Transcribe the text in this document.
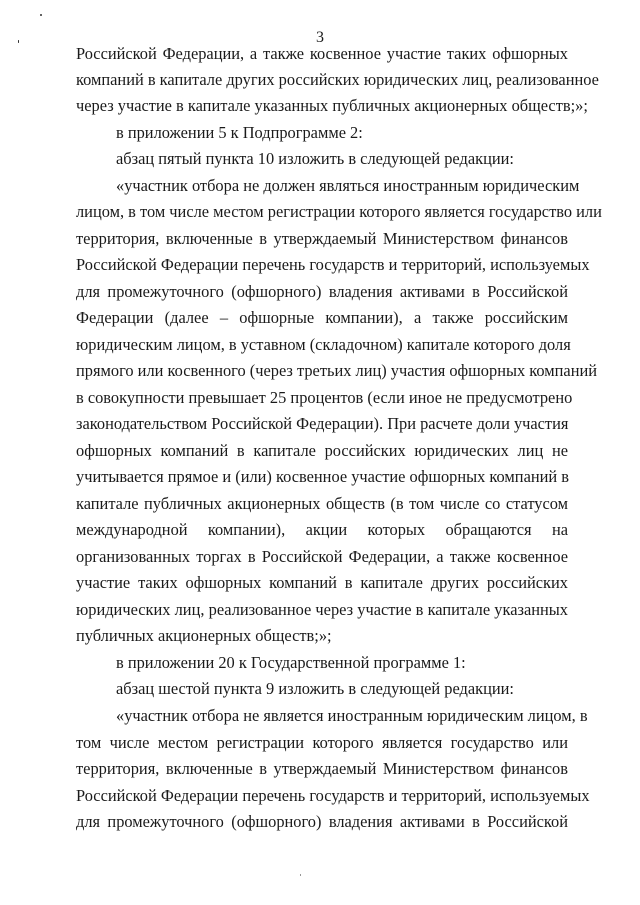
3
Российской Федерации, а также косвенное участие таких офшорных
компаний в капитале других российских юридических лиц, реализованное
через участие в капитале указанных публичных акционерных обществ;»;
в приложении 5 к Подпрограмме 2:
абзац пятый пункта 10 изложить в следующей редакции:
«участник отбора не должен являться иностранным юридическим
лицом, в том числе местом регистрации которого является государство или
территория, включенные в утверждаемый Министерством финансов
Российской Федерации перечень государств и территорий, используемых
для промежуточного (офшорного) владения активами в Российской
Федерации (далее – офшорные компании), а также российским
юридическим лицом, в уставном (складочном) капитале которого доля
прямого или косвенного (через третьих лиц) участия офшорных компаний
в совокупности превышает 25 процентов (если иное не предусмотрено
законодательством Российской Федерации). При расчете доли участия
офшорных компаний в капитале российских юридических лиц не
учитывается прямое и (или) косвенное участие офшорных компаний в
капитале публичных акционерных обществ (в том числе со статусом
международной компании), акции которых обращаются на
организованных торгах в Российской Федерации, а также косвенное
участие таких офшорных компаний в капитале других российских
юридических лиц, реализованное через участие в капитале указанных
публичных акционерных обществ;»;
в приложении 20 к Государственной программе 1:
абзац шестой пункта 9 изложить в следующей редакции:
«участник отбора не является иностранным юридическим лицом, в
том числе местом регистрации которого является государство или
территория, включенные в утверждаемый Министерством финансов
Российской Федерации перечень государств и территорий, используемых
для промежуточного (офшорного) владения активами в Российской
